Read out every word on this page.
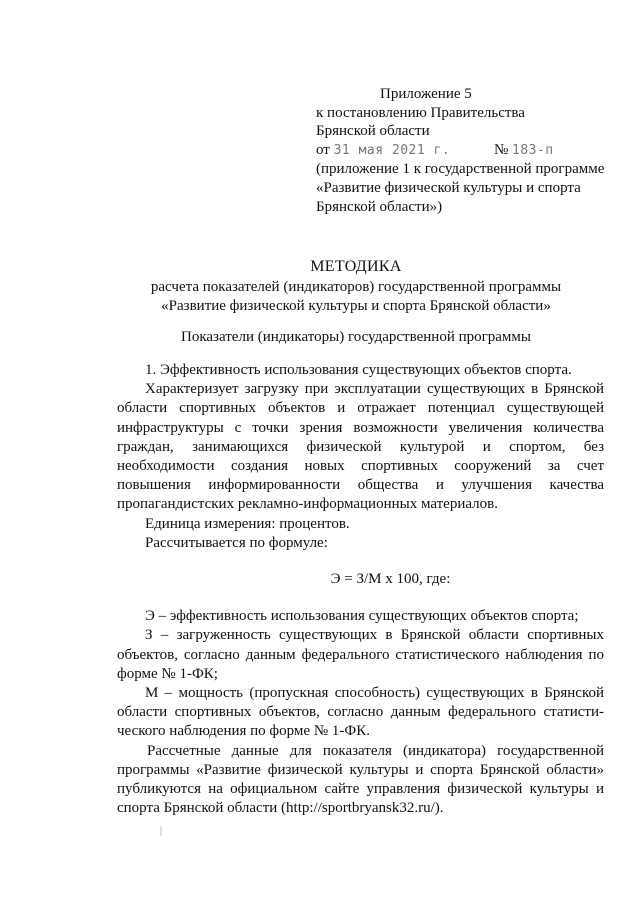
Приложение 5
к постановлению Правительства
Брянской области
от 31 мая 2021 г.	№ 183-п
(приложение 1 к государственной программе
«Развитие физической культуры и спорта
Брянской области»)
МЕТОДИКА
расчета показателей (индикаторов) государственной программы
«Развитие физической культуры и спорта Брянской области»
Показатели (индикаторы) государственной программы

1. Эффективность использования существующих объектов спорта.

Характеризует загрузку при эксплуатации существующих в Брянской области спортивных объектов и отражает потенциал существующей инфраструктуры с точки зрения возможности увеличения количества граждан, занимающихся физической культурой и спортом, без необходимости создания новых спортивных сооружений за счет повышения информированности общества и улучшения качества пропагандистских рекламно-информационных материалов.

Единица измерения: процентов.

Рассчитывается по формуле:

Э = З/М х 100, где:

Э – эффективность использования существующих объектов спорта;

З – загруженность существующих в Брянской области спортивных объектов, согласно данным федерального статистического наблюдения по форме № 1-ФК;

М – мощность (пропускная способность) существующих в Брянской области спортивных объектов, согласно данным федерального статисти-ческого наблюдения по форме № 1-ФК.

Рассчетные данные для показателя (индикатора) государственной программы «Развитие физической культуры и спорта Брянской области» публикуются на официальном сайте управления физической культуры и спорта Брянской области (http://sportbryansk32.ru/).
